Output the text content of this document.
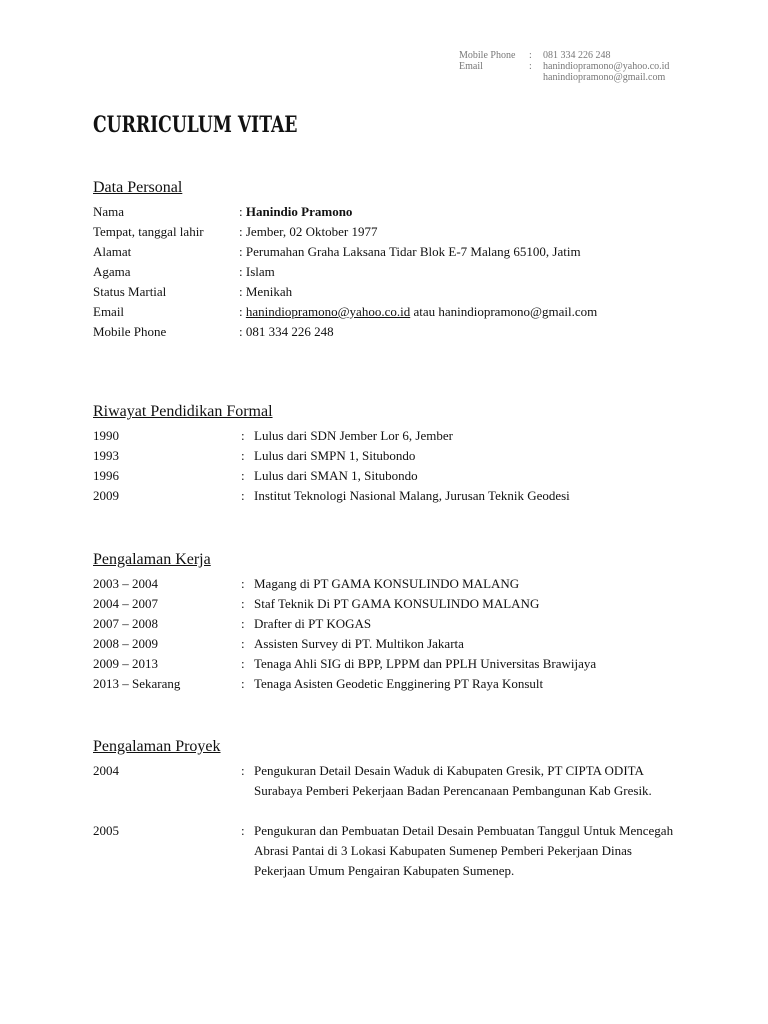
Mobile Phone	:	081 334 226 248
Email	:	hanindiopramono@yahoo.co.id
hanindiopramono@gmail.com
CURRICULUM VITAE
Data Personal
Nama	:
Hanindio Pramono
Tempat, tanggal lahir	:
Jember, 02 Oktober 1977
Alamat	:
Perumahan Graha Laksana Tidar Blok E-7 Malang 65100, Jatim
Agama	:
Islam
Status Martial	:
Menikah
Email	:
hanindiopramono@yahoo.co.id atau hanindiopramono@gmail.com
Mobile Phone	:
081 334 226 248
Riwayat Pendidikan Formal
1990	: Lulus dari SDN Jember Lor 6, Jember
1993	: Lulus dari SMPN 1, Situbondo
1996	: Lulus dari SMAN 1, Situbondo
2009	: Institut Teknologi Nasional Malang, Jurusan Teknik Geodesi
Pengalaman Kerja
2003 – 2004	: Magang di PT GAMA KONSULINDO MALANG
2004 – 2007	: Staf Teknik Di PT GAMA KONSULINDO MALANG
2007 – 2008	: Drafter di PT KOGAS
2008 – 2009	: Assisten Survey di PT. Multikon Jakarta
2009 – 2013	: Tenaga Ahli SIG di BPP, LPPM dan PPLH Universitas Brawijaya
2013 – Sekarang	: Tenaga Asisten Geodetic Engginering PT Raya Konsult
Pengalaman Proyek
2004	: Pengukuran Detail Desain Waduk di Kabupaten Gresik, PT CIPTA ODITA Surabaya Pemberi Pekerjaan Badan Perencanaan Pembangunan Kab Gresik.
2005	: Pengukuran dan Pembuatan Detail Desain Pembuatan Tanggul Untuk Mencegah Abrasi Pantai di 3 Lokasi Kabupaten Sumenep Pemberi Pekerjaan Dinas Pekerjaan Umum Pengairan Kabupaten Sumenep.
